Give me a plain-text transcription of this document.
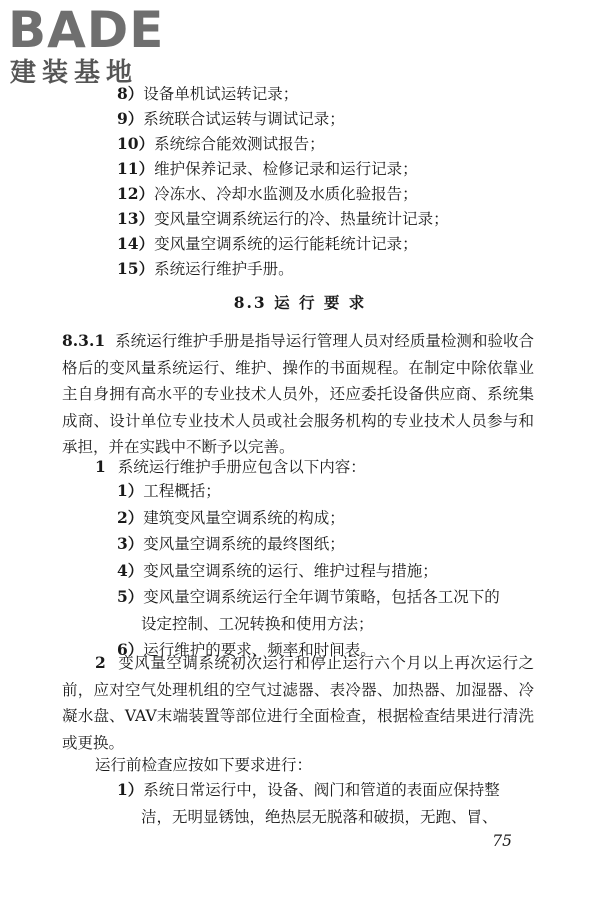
BADE
建装基地
8）设备单机试运转记录；
9）系统联合试运转与调试记录；
10）系统综合能效测试报告；
11）维护保养记录、检修记录和运行记录；
12）冷冻水、冷却水监测及水质化验报告；
13）变风量空调系统运行的冷、热量统计记录；
14）变风量空调系统的运行能耗统计记录；
15）系统运行维护手册。
8.3 运 行 要 求
8.3.1 系统运行维护手册是指导运行管理人员对经质量检测和验收合格后的变风量系统运行、维护、操作的书面规程。在制定中除依靠业主自身拥有高水平的专业技术人员外，还应委托设备供应商、系统集成商、设计单位专业技术人员或社会服务机构的专业技术人员参与和承担，并在实践中不断予以完善。
1 系统运行维护手册应包含以下内容：
1）工程概括；
2）建筑变风量空调系统的构成；
3）变风量空调系统的最终图纸；
4）变风量空调系统的运行、维护过程与措施；
5）变风量空调系统运行全年调节策略，包括各工况下的
设定控制、工况转换和使用方法；
6）运行维护的要求、频率和时间表。
2 变风量空调系统初次运行和停止运行六个月以上再次运行之前，应对空气处理机组的空气过滤器、表冷器、加热器、加湿器、冷凝水盘、VAV末端装置等部位进行全面检查，根据检查结果进行清洗或更换。
运行前检查应按如下要求进行：
1）系统日常运行中，设备、阀门和管道的表面应保持整
洁，无明显锈蚀，绝热层无脱落和破损，无跑、冒、
75
